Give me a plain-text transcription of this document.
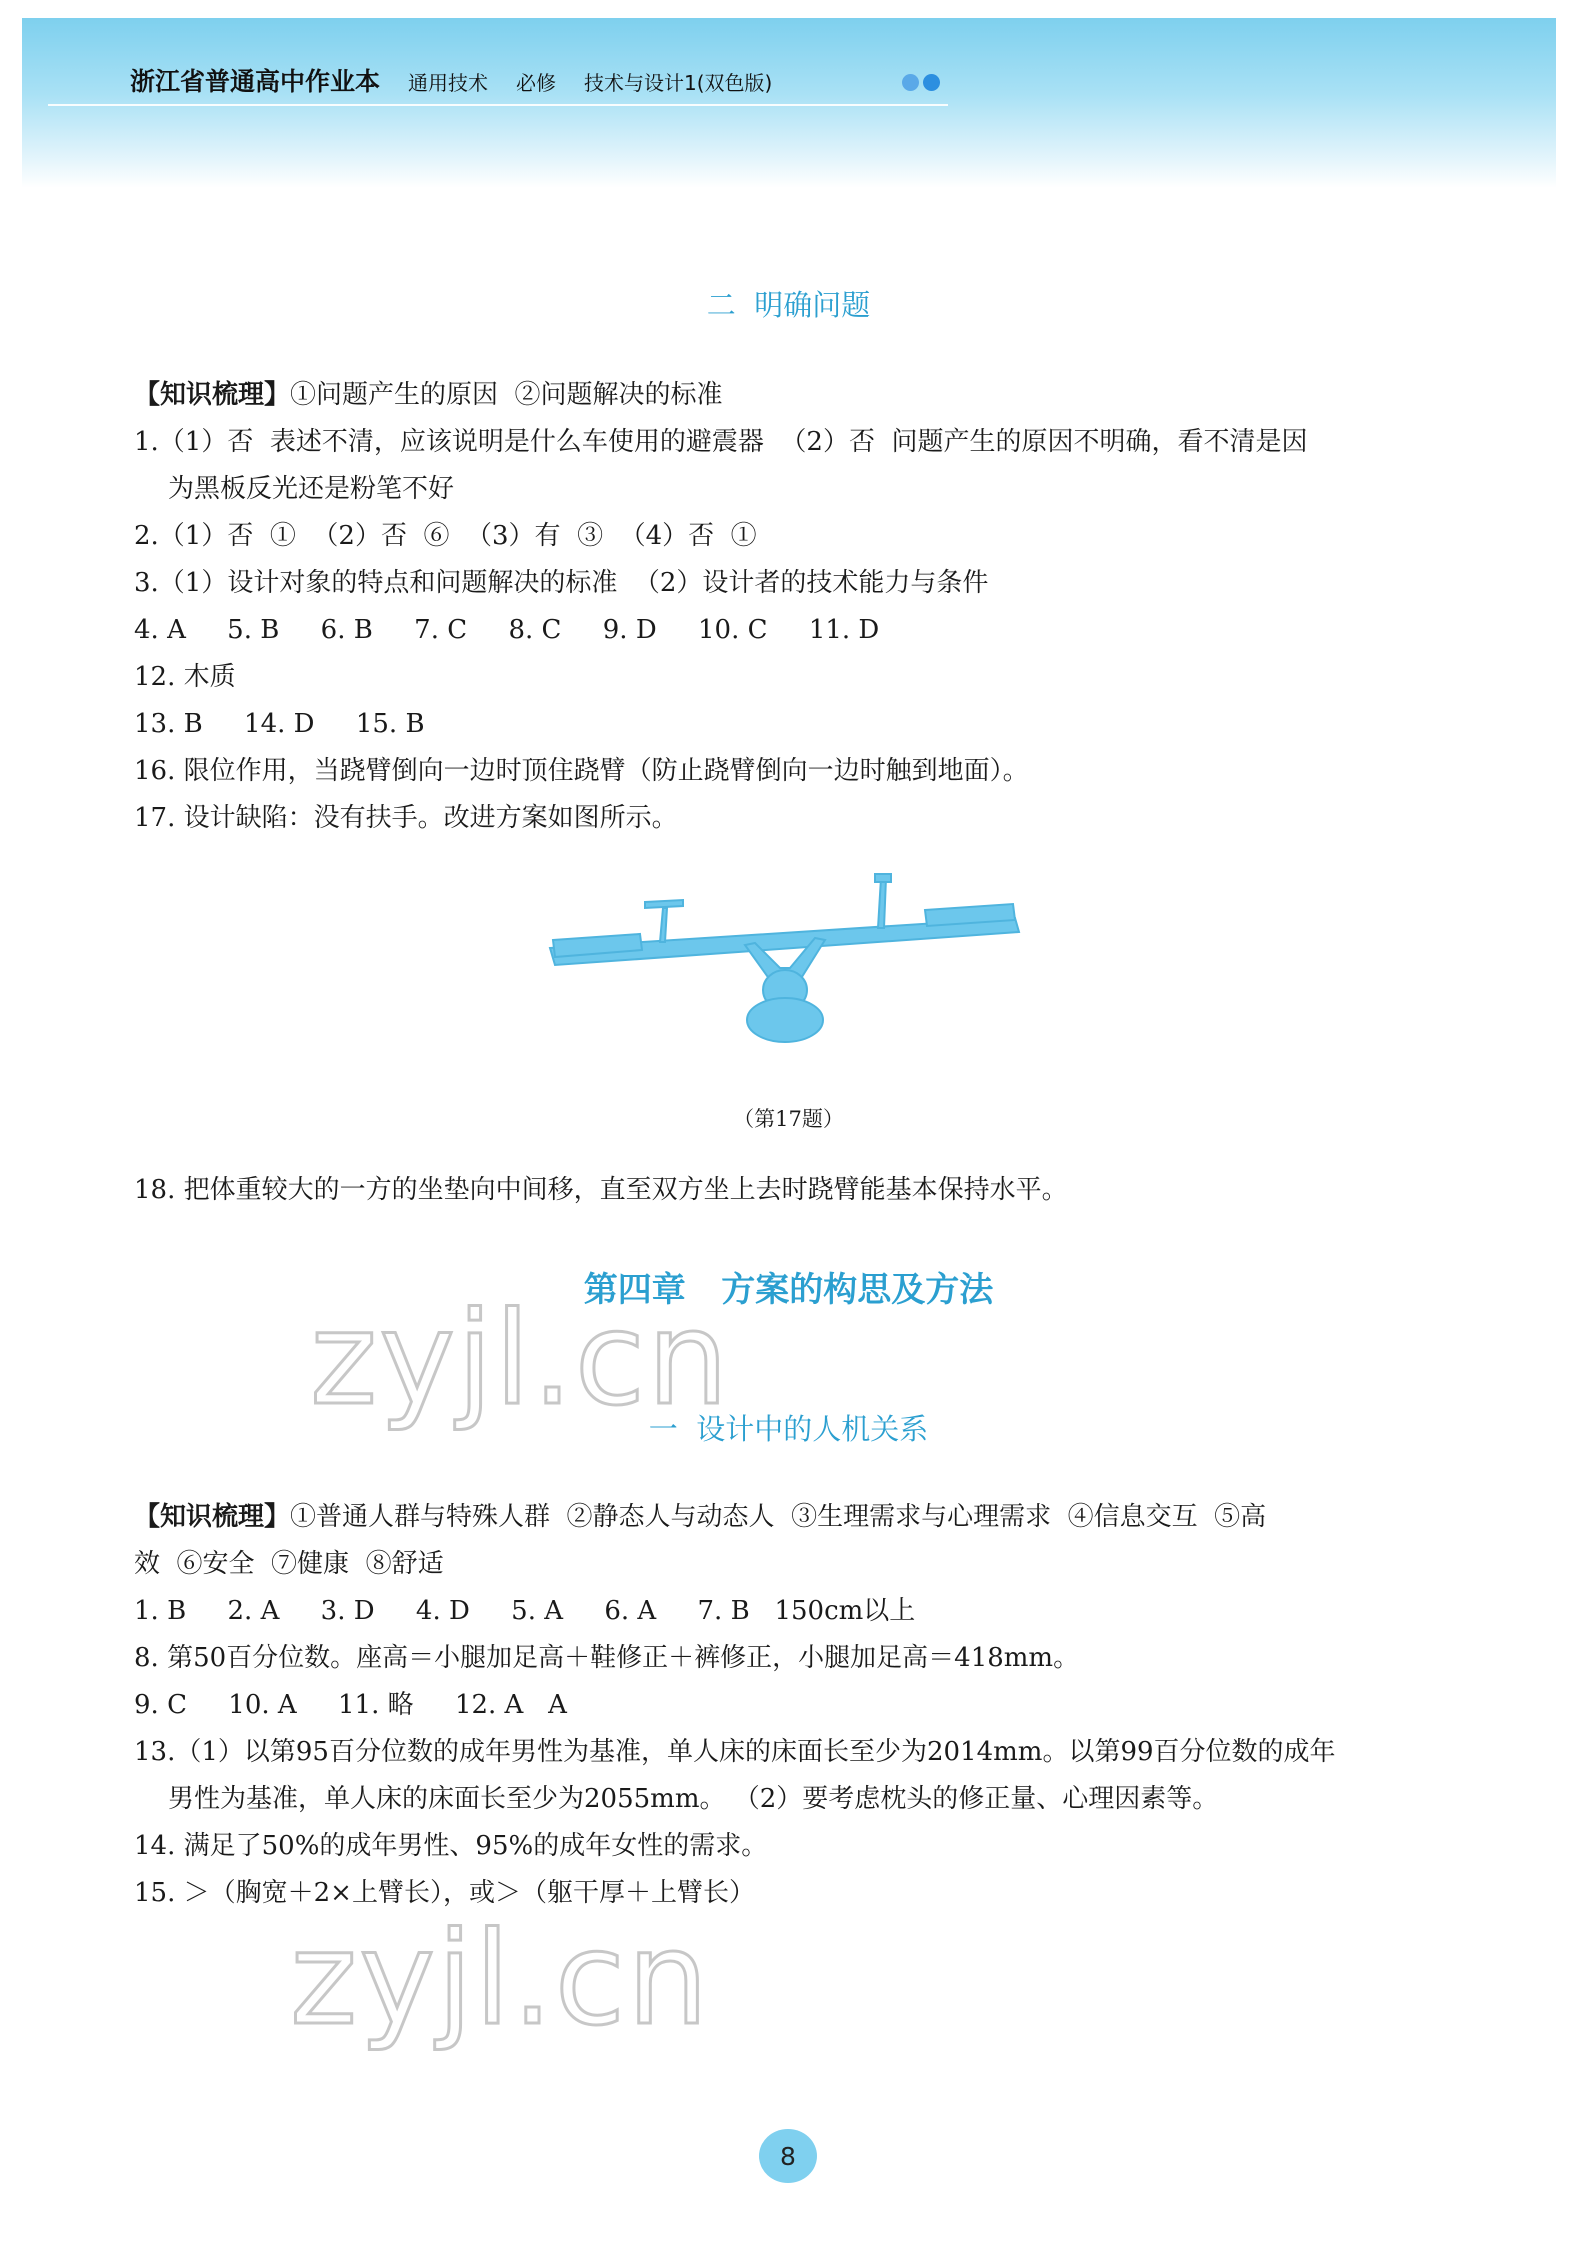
浙江省普通高中作业本 通用技术 必修 技术与设计1(双色版)
二  明确问题
【知识梳理】①问题产生的原因  ②问题解决的标准
1.（1）否  表述不清，应该说明是什么车使用的避震器  （2）否  问题产生的原因不明确，看不清是因
为黑板反光还是粉笔不好
2.（1）否  ①  （2）否  ⑥  （3）有  ③  （4）否  ①
3.（1）设计对象的特点和问题解决的标准  （2）设计者的技术能力与条件
4. A     5. B     6. B     7. C     8. C     9. D     10. C     11. D
12. 木质
13. B     14. D     15. B
16. 限位作用，当跷臂倒向一边时顶住跷臂（防止跷臂倒向一边时触到地面）。
17. 设计缺陷：没有扶手。改进方案如图所示。
（第17题）
18. 把体重较大的一方的坐垫向中间移，直至双方坐上去时跷臂能基本保持水平。
第四章   方案的构思及方法
一  设计中的人机关系
【知识梳理】①普通人群与特殊人群  ②静态人与动态人  ③生理需求与心理需求  ④信息交互  ⑤高
效  ⑥安全  ⑦健康  ⑧舒适
1. B     2. A     3. D     4. D     5. A     6. A     7. B   150cm以上
8. 第50百分位数。座高＝小腿加足高＋鞋修正＋裤修正，小腿加足高＝418mm。
9. C     10. A     11. 略     12. A   A
13.（1）以第95百分位数的成年男性为基准，单人床的床面长至少为2014mm。以第99百分位数的成年
男性为基准，单人床的床面长至少为2055mm。 （2）要考虑枕头的修正量、心理因素等。
14. 满足了50%的成年男性、95%的成年女性的需求。
15. ＞（胸宽＋2×上臂长），或＞（躯干厚＋上臂长）
zyjl.cn
zyjl.cn
8
